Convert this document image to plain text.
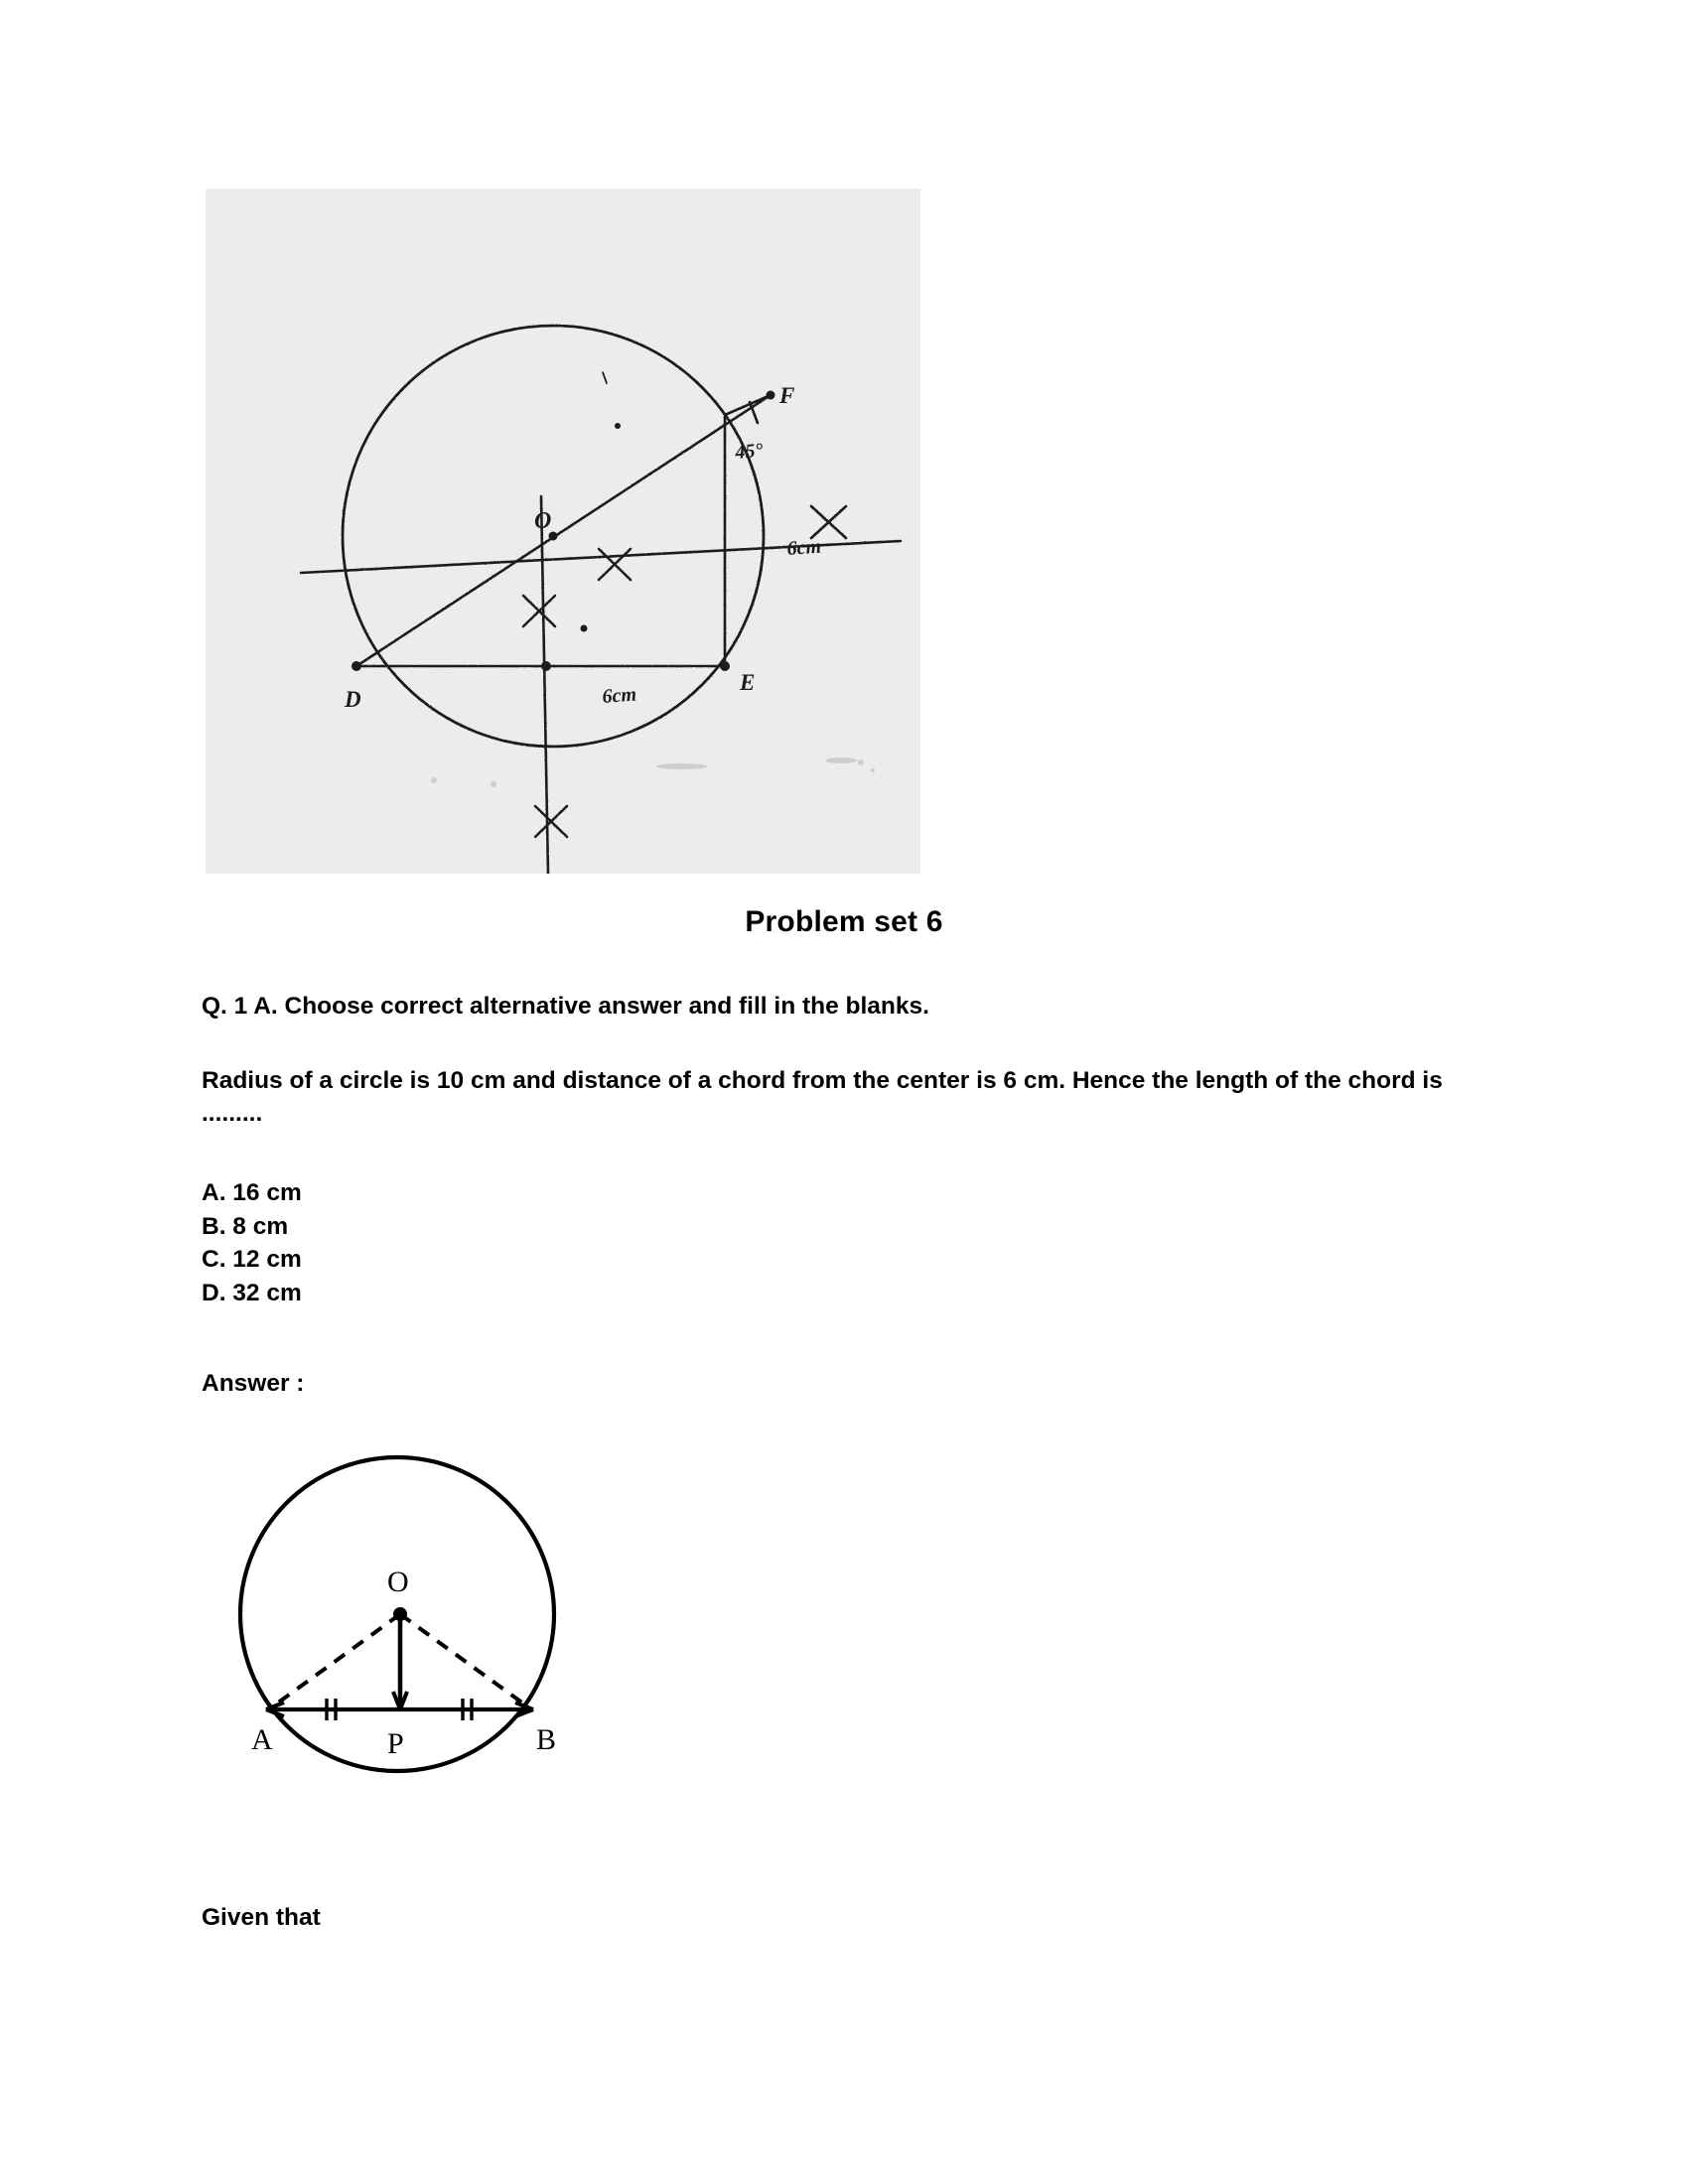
O
F
D
E
45°
6cm
6cm
Problem set 6
Q. 1 A. Choose correct alternative answer and fill in the blanks.
Radius of a circle is 10 cm and distance of a chord from the center is 6 cm. Hence the length of the chord is .........
A. 16 cm
B. 8 cm
C. 12 cm
D. 32 cm
Answer :
O
A	P	B
Given that
